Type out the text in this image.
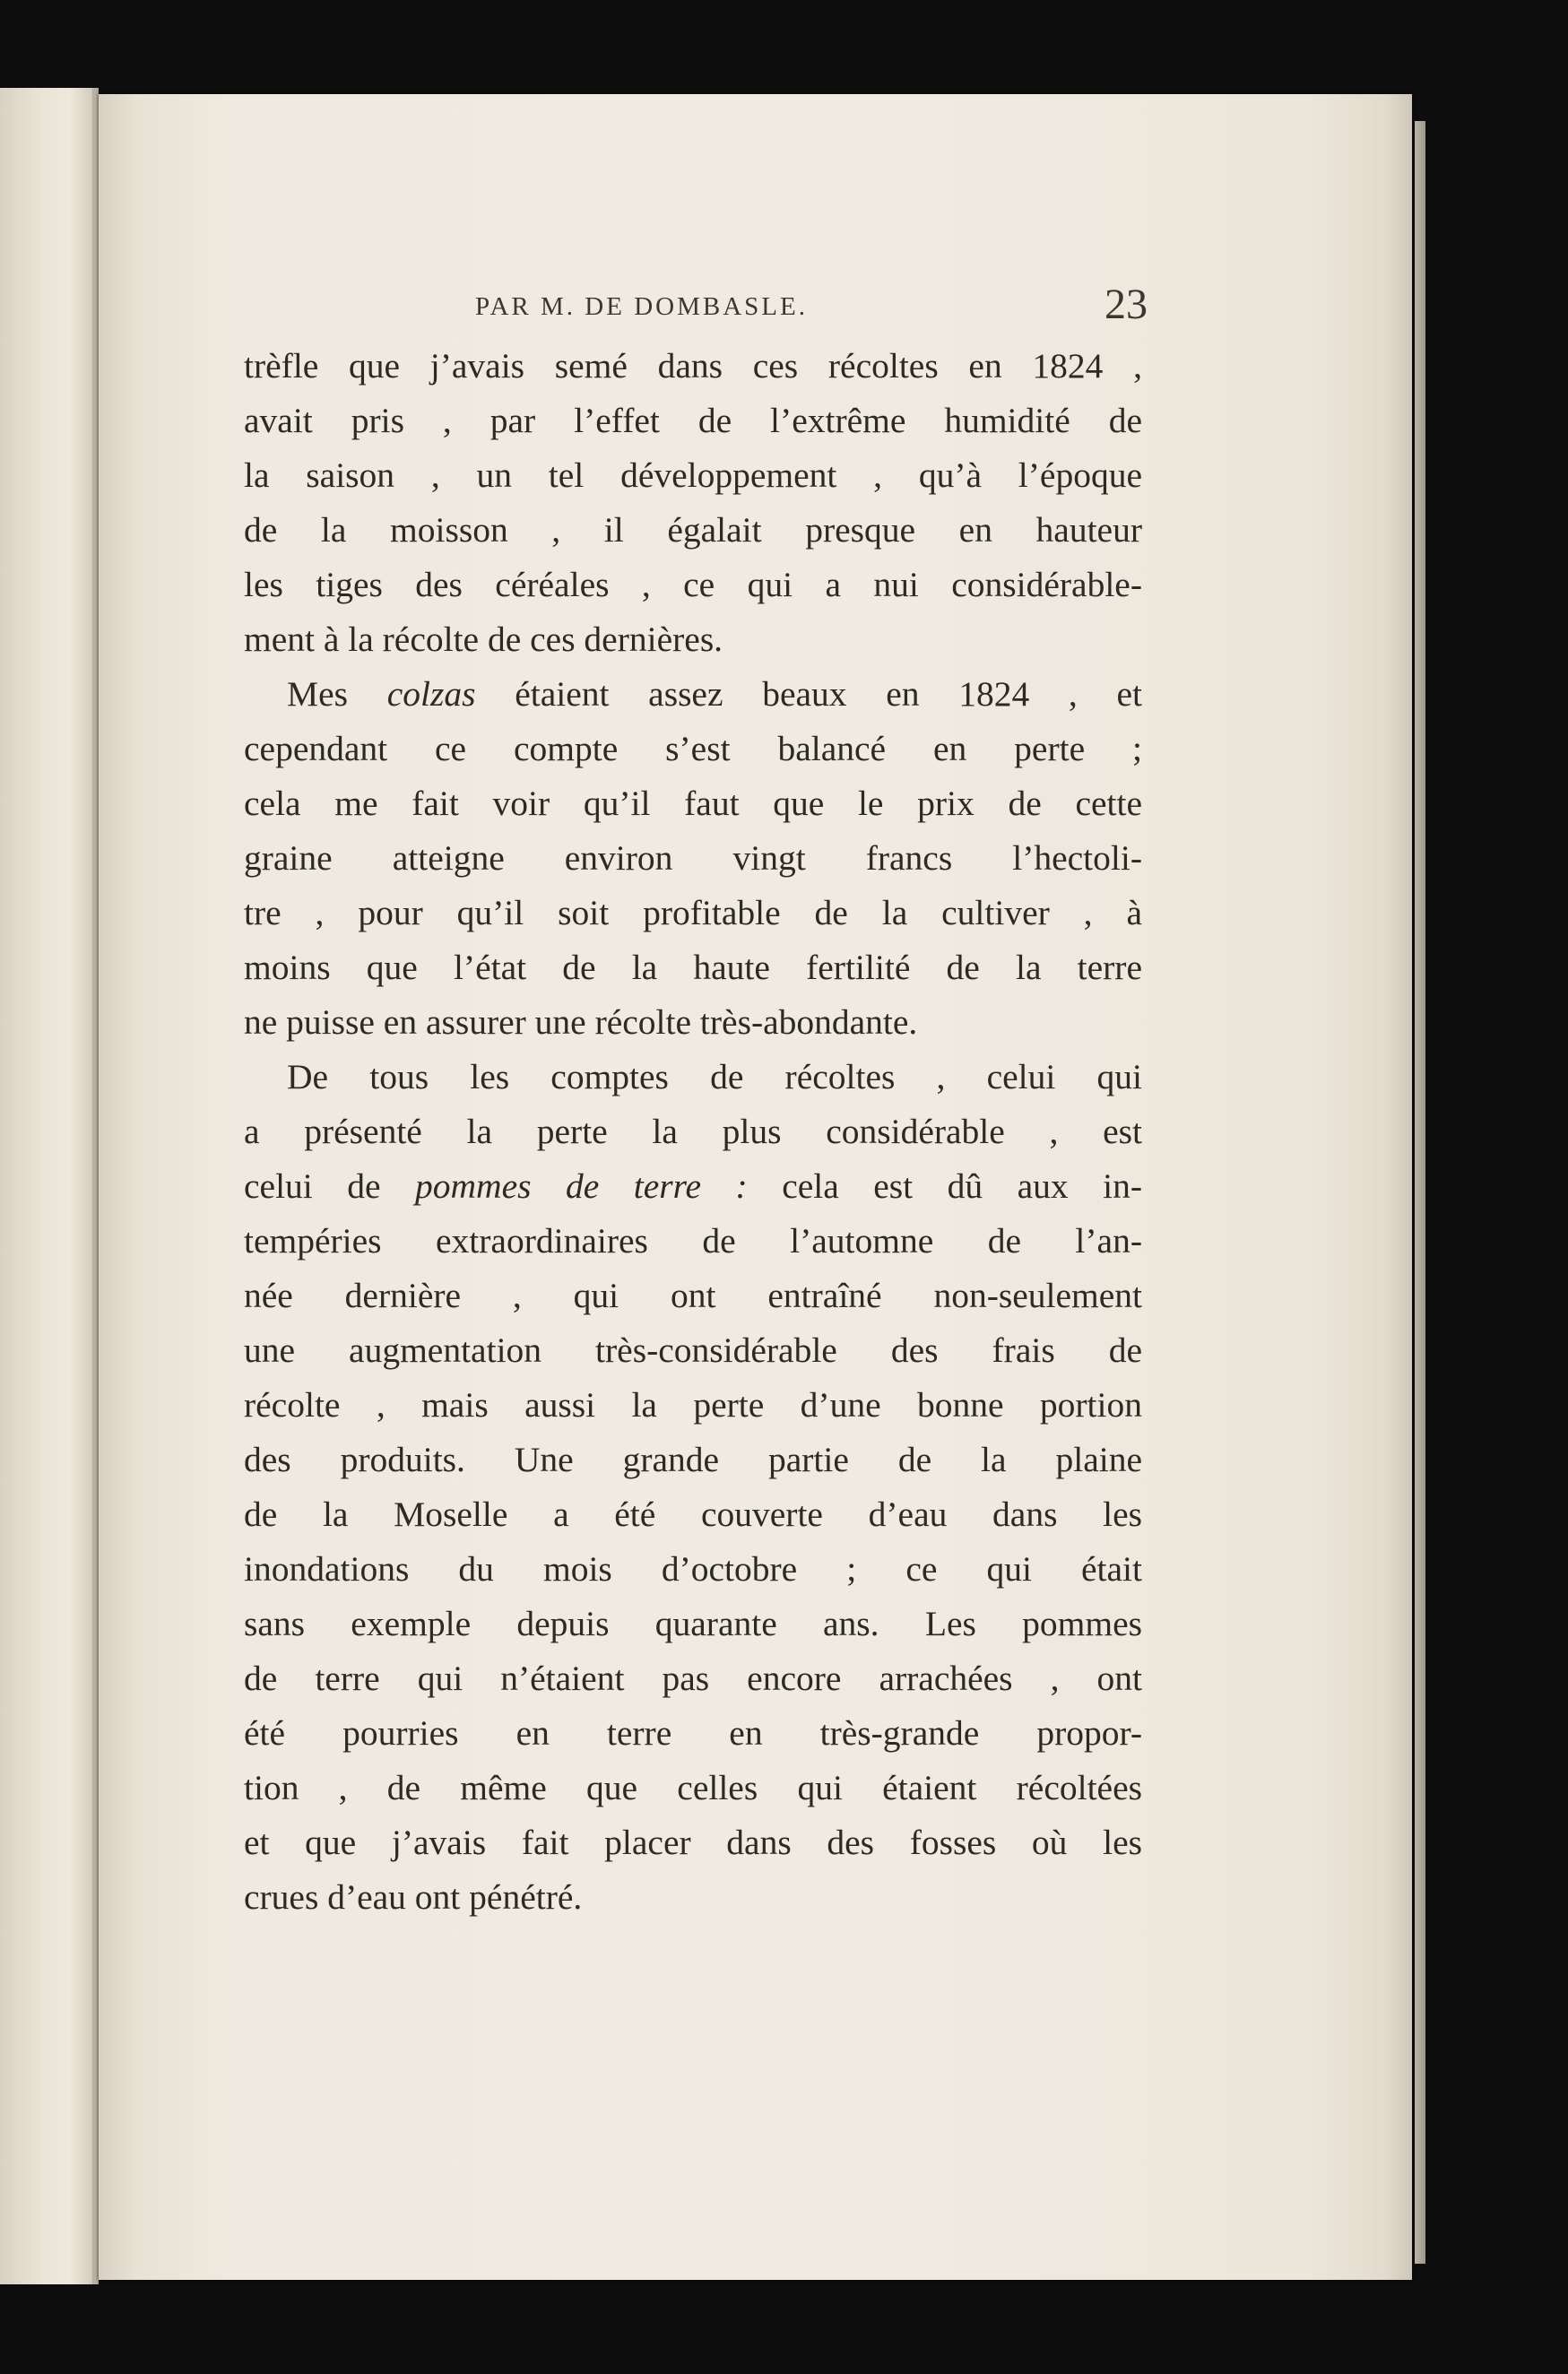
PAR M. DE DOMBASLE.	23
trèfle que j’avais semé dans ces récoltes en 1824 ,
avait pris , par l’effet de l’extrême humidité de
la saison , un tel développement , qu’à l’époque
de la moisson , il égalait presque en hauteur
les tiges des céréales , ce qui a nui considérable-
ment à la récolte de ces dernières.
Mes colzas étaient assez beaux en 1824 , et
cependant ce compte s’est balancé en perte ;
cela me fait voir qu’il faut que le prix de cette
graine atteigne environ vingt francs l’hectoli-
tre , pour qu’il soit profitable de la cultiver , à
moins que l’état de la haute fertilité de la terre
ne puisse en assurer une récolte très-abondante.
De tous les comptes de récoltes , celui qui
a présenté la perte la plus considérable , est
celui de pommes de terre : cela est dû aux in-
tempéries extraordinaires de l’automne de l’an-
née dernière , qui ont entraîné non-seulement
une augmentation très-considérable des frais de
récolte , mais aussi la perte d’une bonne portion
des produits. Une grande partie de la plaine
de la Moselle a été couverte d’eau dans les
inondations du mois d’octobre ; ce qui était
sans exemple depuis quarante ans. Les pommes
de terre qui n’étaient pas encore arrachées , ont
été pourries en terre en très-grande propor-
tion , de même que celles qui étaient récoltées
et que j’avais fait placer dans des fosses où les
crues d’eau ont pénétré.
